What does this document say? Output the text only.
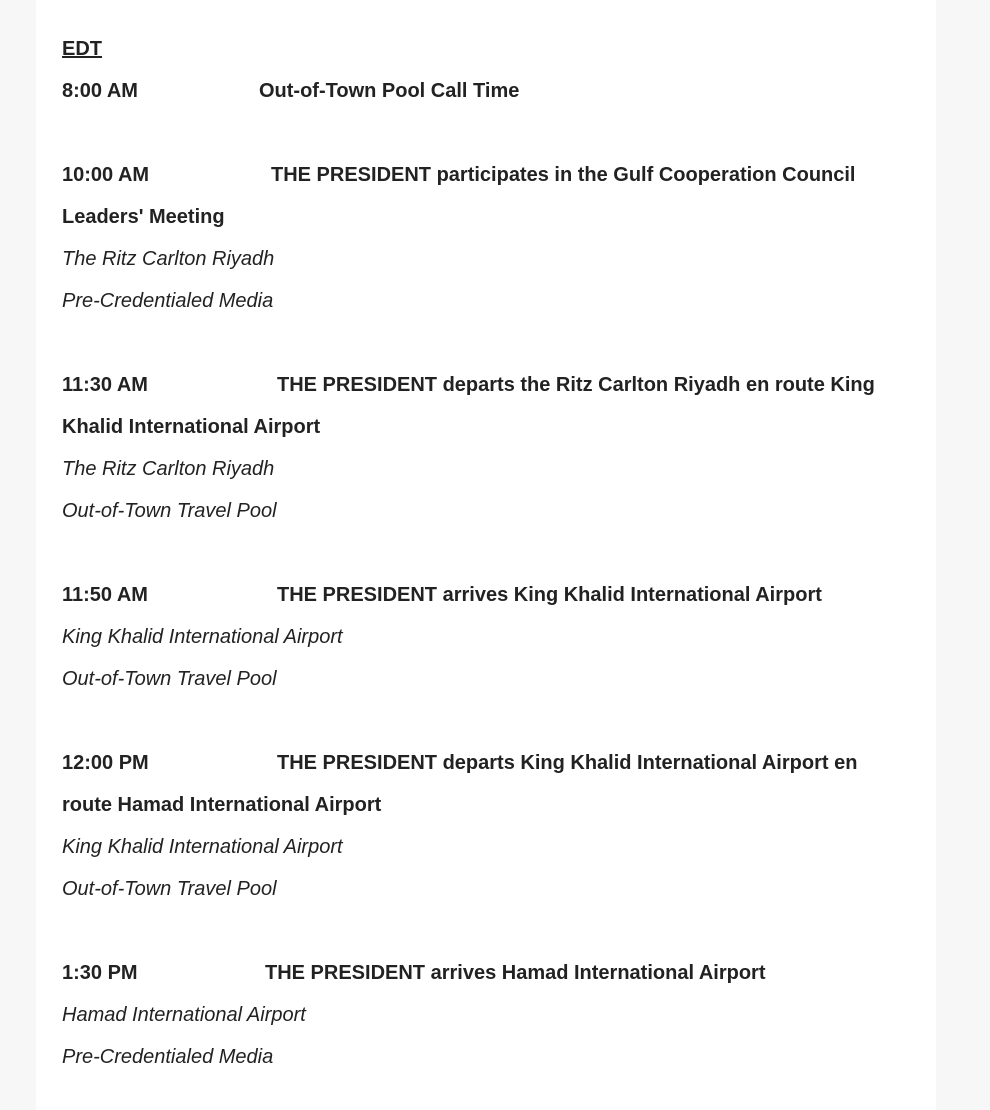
EDT
8:00 AM	Out-of-Town Pool Call Time
10:00 AM	THE PRESIDENT participates in the Gulf Cooperation Council
Leaders' Meeting
The Ritz Carlton Riyadh
Pre-Credentialed Media
11:30 AM	THE PRESIDENT departs the Ritz Carlton Riyadh en route King
Khalid International Airport
The Ritz Carlton Riyadh
Out-of-Town Travel Pool
11:50 AM	THE PRESIDENT arrives King Khalid International Airport
King Khalid International Airport
Out-of-Town Travel Pool
12:00 PM	THE PRESIDENT departs King Khalid International Airport en
route Hamad International Airport
King Khalid International Airport
Out-of-Town Travel Pool
1:30 PM	THE PRESIDENT arrives Hamad International Airport
Hamad International Airport
Pre-Credentialed Media
